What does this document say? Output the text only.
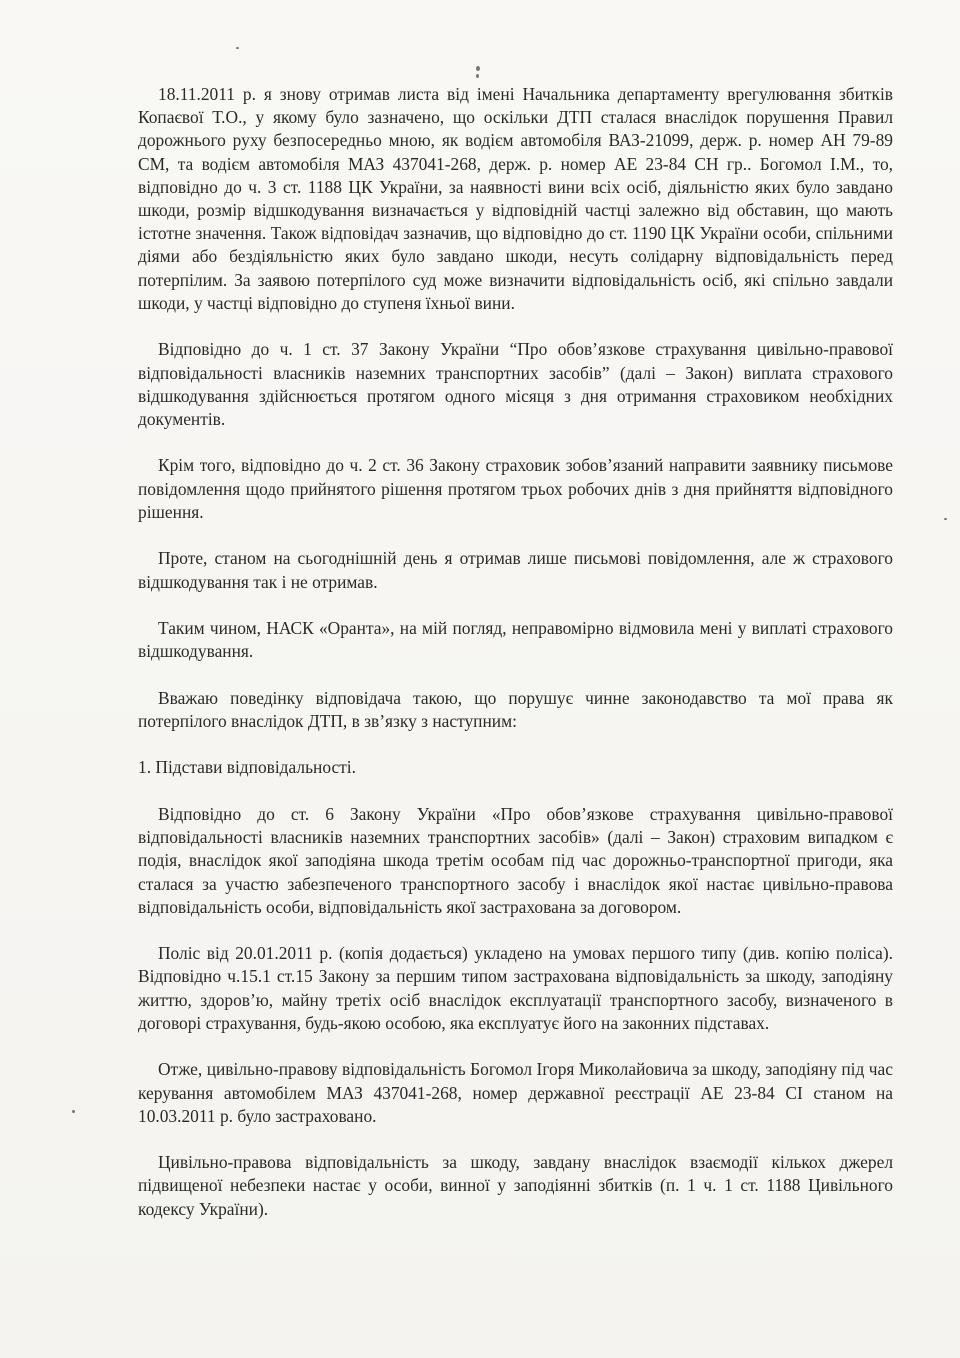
18.11.2011 р. я знову отримав листа від імені Начальника департаменту врегулювання збитків Копаєвої Т.О., у якому було зазначено, що оскільки ДТП сталася внаслідок порушення Правил дорожнього руху безпосередньо мною, як водієм автомобіля ВАЗ-21099, держ. р. номер АН 79-89 СМ, та водієм автомобіля МАЗ 437041-268, держ. р. номер АЕ 23-84 СН гр.. Богомол І.М., то, відповідно до ч. 3 ст. 1188 ЦК України, за наявності вини всіх осіб, діяльністю яких було завдано шкоди, розмір відшкодування визначається у відповідній частці залежно від обставин, що мають істотне значення. Також відповідач зазначив, що відповідно до ст. 1190 ЦК України особи, спільними діями або бездіяльністю яких було завдано шкоди, несуть солідарну відповідальність перед потерпілим. За заявою потерпілого суд може визначити відповідальність осіб, які спільно завдали шкоди, у частці відповідно до ступеня їхньої вини.

Відповідно до ч. 1 ст. 37 Закону України “Про обов’язкове страхування цивільно-правової відповідальності власників наземних транспортних засобів” (далі – Закон) виплата страхового відшкодування здійснюється протягом одного місяця з дня отримання страховиком необхідних документів.

Крім того, відповідно до ч. 2 ст. 36 Закону страховик зобов’язаний направити заявнику письмове повідомлення щодо прийнятого рішення протягом трьох робочих днів з дня прийняття відповідного рішення.

Проте, станом на сьогоднішній день я отримав лише письмові повідомлення, але ж страхового відшкодування так і не отримав.

Таким чином, НАСК «Оранта», на мій погляд, неправомірно відмовила мені у виплаті страхового відшкодування.

Вважаю поведінку відповідача такою, що порушує чинне законодавство та мої права як потерпілого внаслідок ДТП, в зв’язку з наступним:

1. Підстави відповідальності.

Відповідно до ст. 6 Закону України «Про обов’язкове страхування цивільно-правової відповідальності власників наземних транспортних засобів» (далі – Закон) страховим випадком є подія, внаслідок якої заподіяна шкода третім особам під час дорожньо-транспортної пригоди, яка сталася за участю забезпеченого транспортного засобу і внаслідок якої настає цивільно-правова відповідальність особи, відповідальність якої застрахована за договором.

Поліс від 20.01.2011 р. (копія додається) укладено на умовах першого типу (див. копію поліса). Відповідно ч.15.1 ст.15 Закону за першим типом застрахована відповідальність за шкоду, заподіяну життю, здоров’ю, майну третіх осіб внаслідок експлуатації транспортного засобу, визначеного в договорі страхування, будь-якою особою, яка експлуатує його на законних підставах.

Отже, цивільно-правову відповідальність Богомол Ігоря Миколайовича за шкоду, заподіяну під час керування автомобілем МАЗ 437041-268, номер державної реєстрації АЕ 23-84 СІ станом на 10.03.2011 р. було застраховано.

Цивільно-правова відповідальність за шкоду, завдану внаслідок взаємодії кількох джерел підвищеної небезпеки настає у особи, винної у заподіянні збитків (п. 1 ч. 1 ст. 1188 Цивільного кодексу України).
